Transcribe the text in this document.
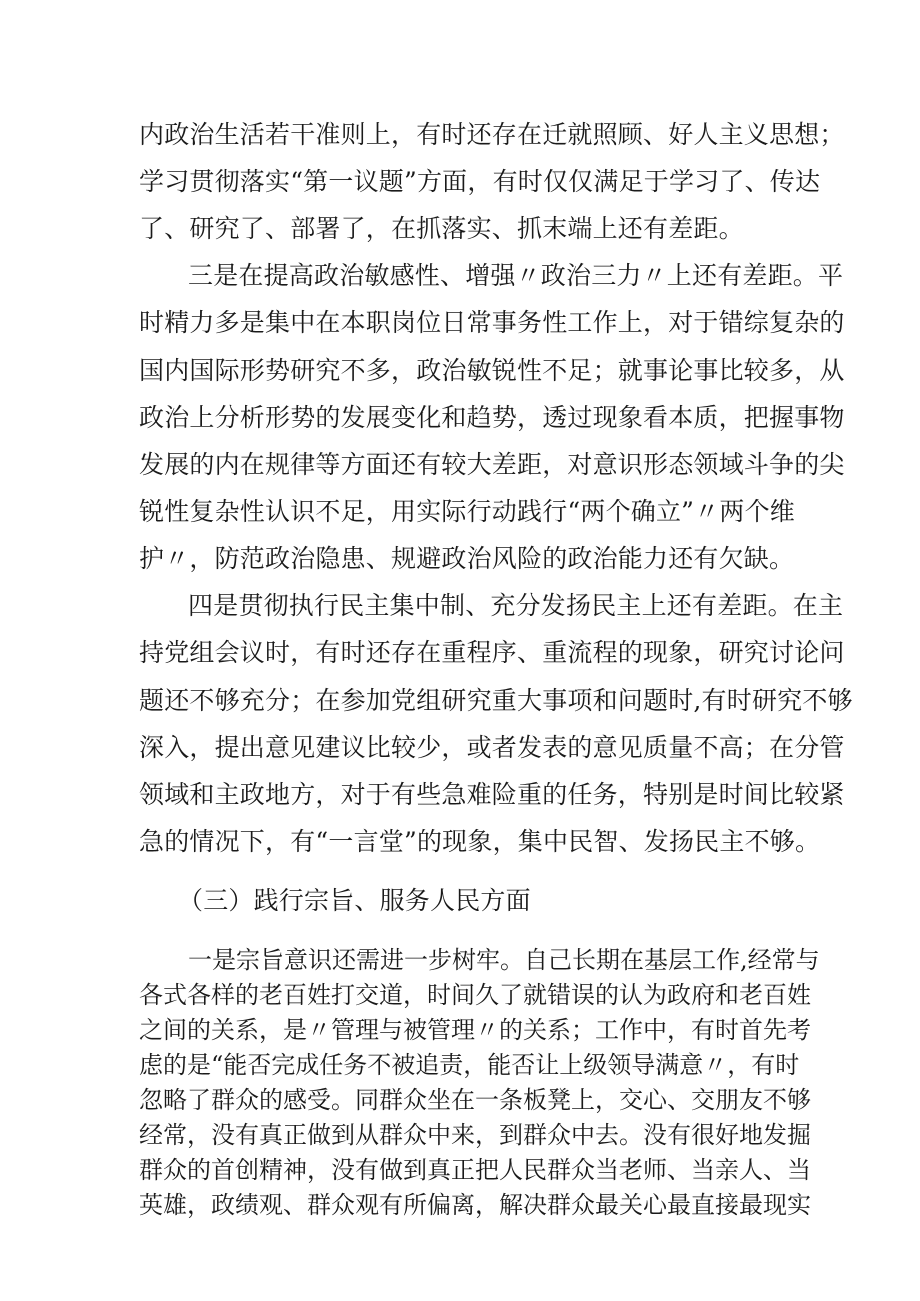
内政治生活若干准则上，有时还存在迁就照顾、好人主义思想；
学习贯彻落实“第一议题”方面，有时仅仅满足于学习了、传达
了、研究了、部署了，在抓落实、抓末端上还有差距。
三是在提高政治敏感性、增强〃政治三力〃上还有差距。平
时精力多是集中在本职岗位日常事务性工作上，对于错综复杂的
国内国际形势研究不多，政治敏锐性不足；就事论事比较多，从
政治上分析形势的发展变化和趋势，透过现象看本质，把握事物
发展的内在规律等方面还有较大差距，对意识形态领域斗争的尖
锐性复杂性认识不足，用实际行动践行“两个确立”〃两个维
护〃，防范政治隐患、规避政治风险的政治能力还有欠缺。
四是贯彻执行民主集中制、充分发扬民主上还有差距。在主
持党组会议时，有时还存在重程序、重流程的现象，研究讨论问
题还不够充分；在参加党组研究重大事项和问题时,有时研究不够
深入，提出意见建议比较少，或者发表的意见质量不高；在分管
领域和主政地方，对于有些急难险重的任务，特别是时间比较紧
急的情况下，有“一言堂”的现象，集中民智、发扬民主不够。
（三）践行宗旨、服务人民方面
一是宗旨意识还需进一步树牢。自己长期在基层工作,经常与
各式各样的老百姓打交道，时间久了就错误的认为政府和老百姓
之间的关系，是〃管理与被管理〃的关系；工作中，有时首先考
虑的是“能否完成任务不被追责，能否让上级领导满意〃，有时
忽略了群众的感受。同群众坐在一条板凳上，交心、交朋友不够
经常，没有真正做到从群众中来，到群众中去。没有很好地发掘
群众的首创精神，没有做到真正把人民群众当老师、当亲人、当
英雄，政绩观、群众观有所偏离，解决群众最关心最直接最现实
